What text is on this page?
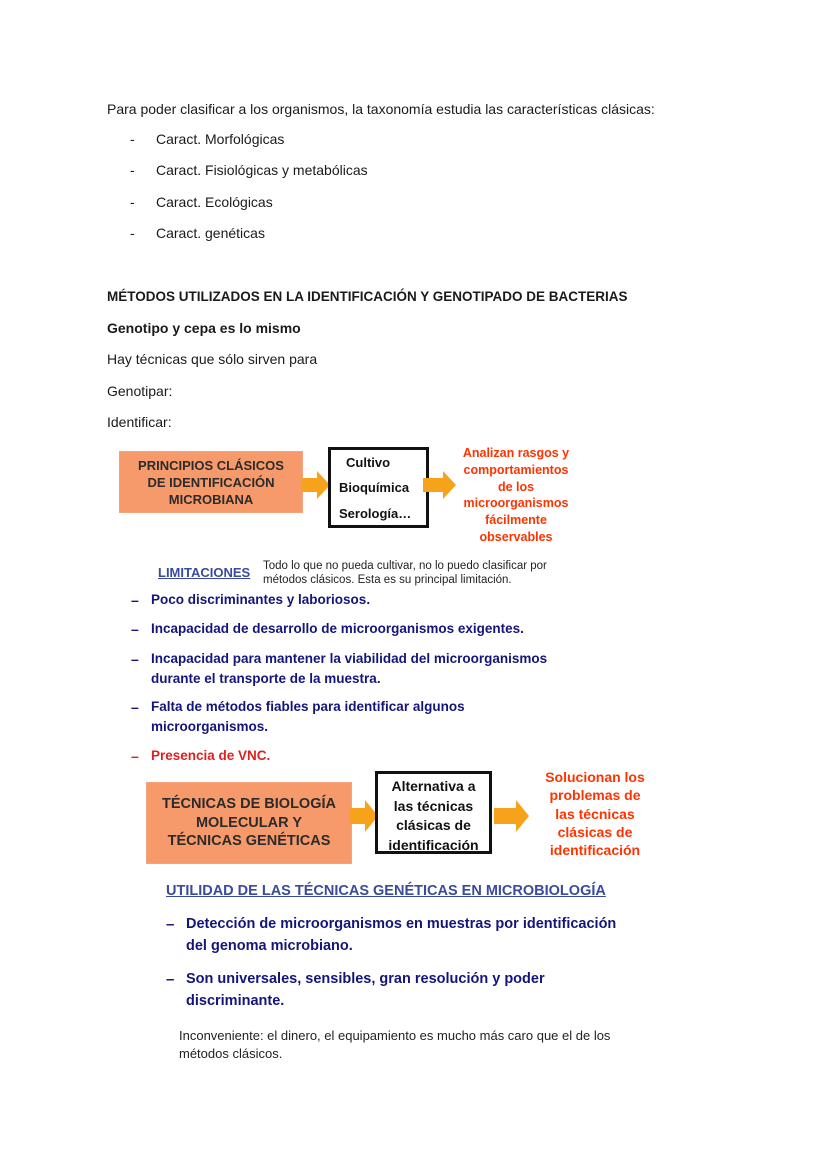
Para poder clasificar a los organismos, la taxonomía estudia las características clásicas:
- Caract. Morfológicas
- Caract. Fisiológicas y metabólicas
- Caract. Ecológicas
- Caract. genéticas
MÉTODOS UTILIZADOS EN LA IDENTIFICACIÓN Y GENOTIPADO DE BACTERIAS
Genotipo y cepa es lo mismo
Hay técnicas que sólo sirven para
Genotipar:
Identificar:
PRINCIPIOS CLÁSICOS
DE IDENTIFICACIÓN
MICROBIANA
Cultivo
Bioquímica
Serología…
Analizan rasgos y
comportamientos
de los
microorganismos
fácilmente
observables
LIMITACIONES Todo lo que no pueda cultivar, no lo puedo clasificar por
métodos clásicos. Esta es su principal limitación.
– Poco discriminantes y laboriosos.
– Incapacidad de desarrollo de microorganismos exigentes.
– Incapacidad para mantener la viabilidad del microorganismos
durante el transporte de la muestra.
– Falta de métodos fiables para identificar algunos
microorganismos.
– Presencia de VNC.
TÉCNICAS DE BIOLOGÍA
MOLECULAR Y
TÉCNICAS GENÉTICAS
Alternativa a
las técnicas
clásicas de
identificación
Solucionan los
problemas de
las técnicas
clásicas de
identificación
UTILIDAD DE LAS TÉCNICAS GENÉTICAS EN MICROBIOLOGÍA
– Detección de microorganismos en muestras por identificación
del genoma microbiano.
– Son universales, sensibles, gran resolución y poder
discriminante.
Inconveniente: el dinero, el equipamiento es mucho más caro que el de los
métodos clásicos.
